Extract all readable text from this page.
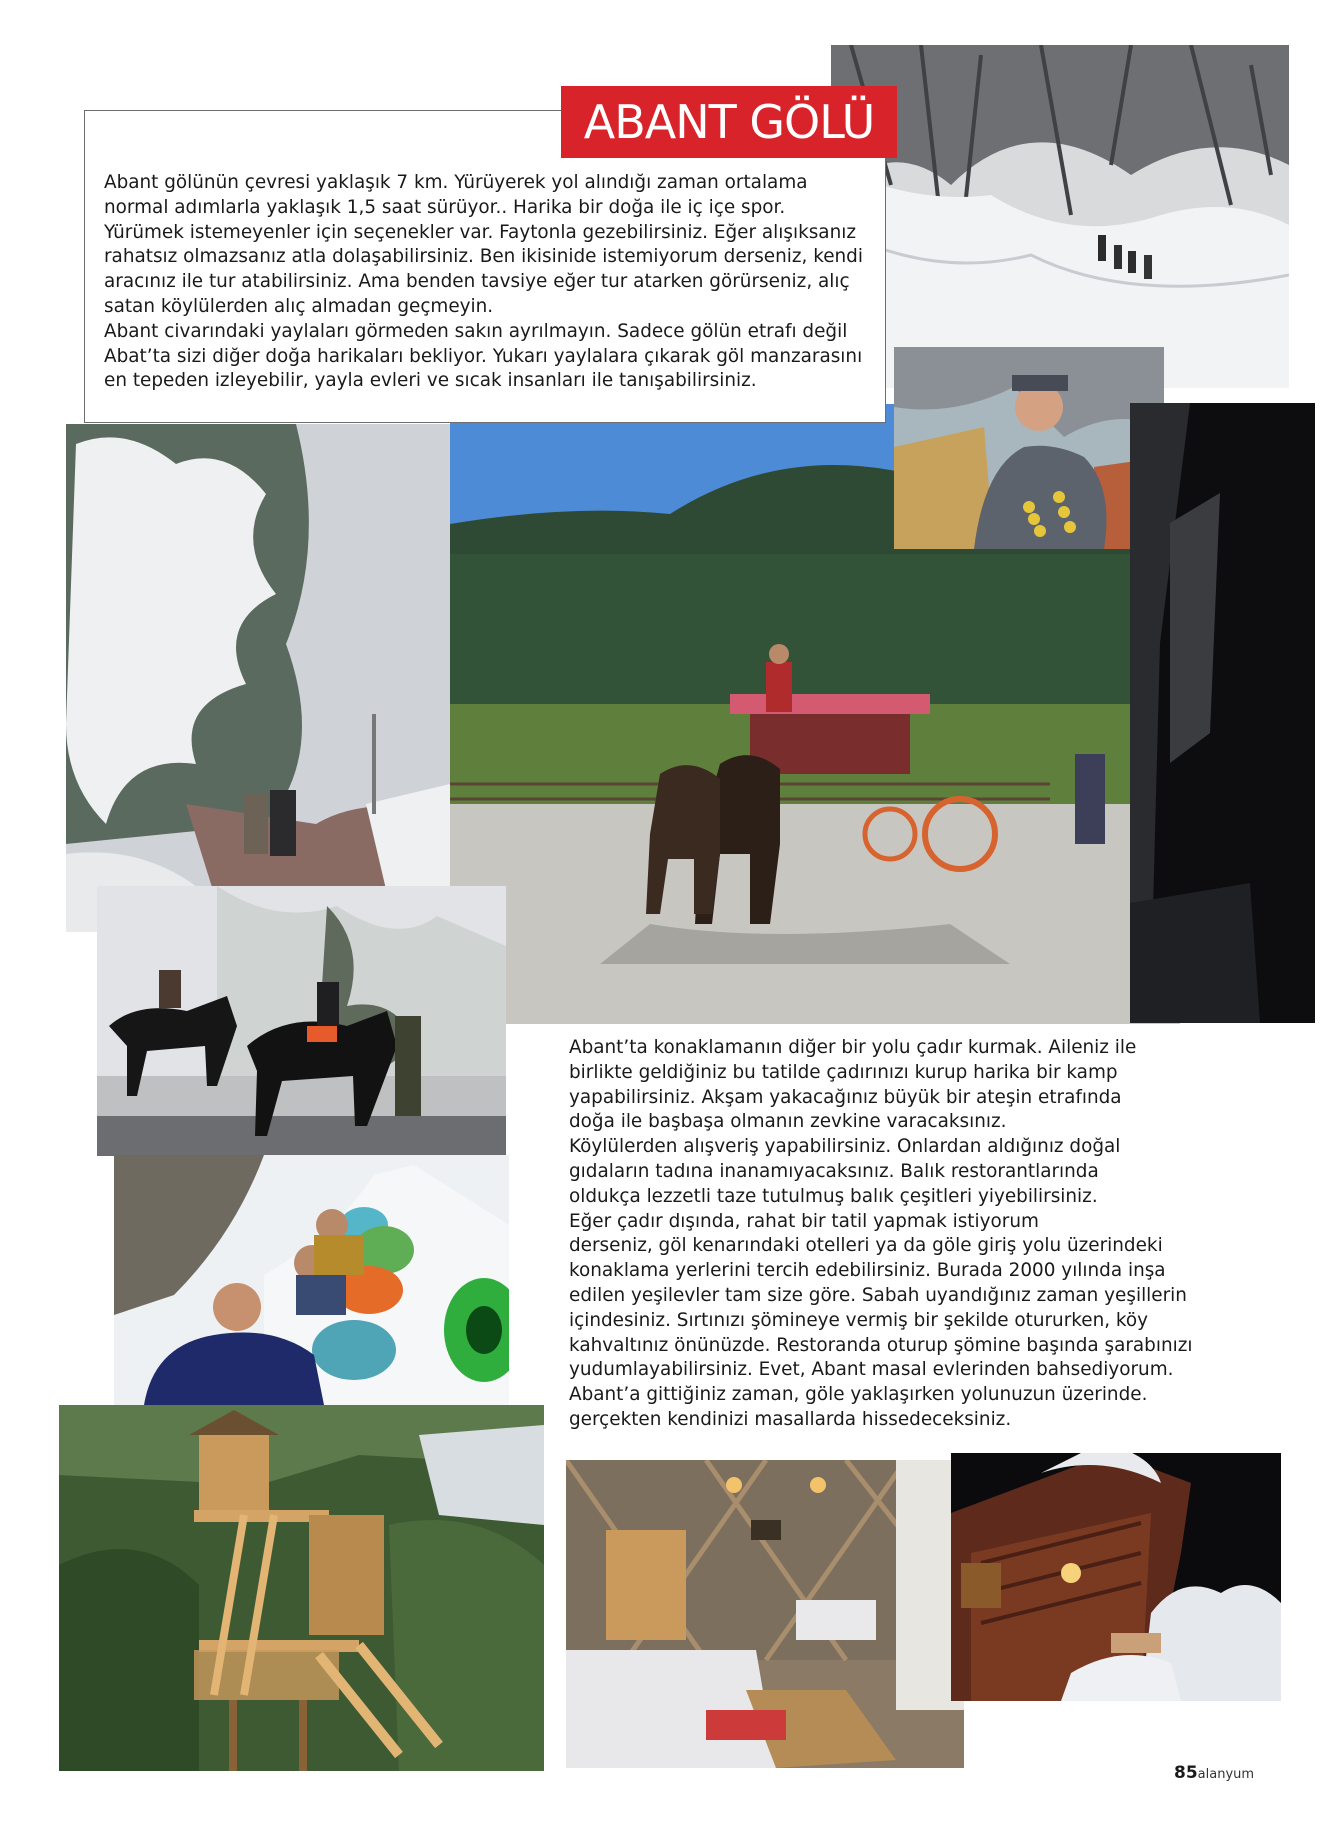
ABANT GÖLÜ

Abant gölünün çevresi yaklaşık 7 km. Yürüyerek yol alındığı zaman ortalama
normal adımlarla yaklaşık 1,5 saat sürüyor.. Harika bir doğa ile iç içe spor.
Yürümek istemeyenler için seçenekler var. Faytonla gezebilirsiniz. Eğer alışıksanız
rahatsız olmazsanız atla dolaşabilirsiniz. Ben ikisinide istemiyorum derseniz, kendi
aracınız ile tur atabilirsiniz. Ama benden tavsiye eğer tur atarken görürseniz, alıç
satan köylülerden alıç almadan geçmeyin.

Abant civarındaki yaylaları görmeden sakın ayrılmayın. Sadece gölün etrafı değil
Abat’ta sizi diğer doğa harikaları bekliyor. Yukarı yaylalara çıkarak göl manzarasını
en tepeden izleyebilir, yayla evleri ve sıcak insanları ile tanışabilirsiniz.

Abant’ta konaklamanın diğer bir yolu çadır kurmak. Aileniz ile
birlikte geldiğiniz bu tatilde çadırınızı kurup harika bir kamp
yapabilirsiniz. Akşam yakacağınız büyük bir ateşin etrafında
doğa ile başbaşa olmanın zevkine varacaksınız.

Köylülerden alışveriş yapabilirsiniz. Onlardan aldığınız doğal
gıdaların tadına inanamıyacaksınız. Balık restorantlarında
oldukça lezzetli taze tutulmuş balık çeşitleri yiyebilirsiniz.

Eğer çadır dışında, rahat bir tatil yapmak istiyorum
derseniz, göl kenarındaki otelleri ya da göle giriş yolu üzerindeki
konaklama yerlerini tercih edebilirsiniz. Burada 2000 yılında inşa
edilen yeşilevler tam size göre. Sabah uyandığınız zaman yeşillerin
içindesiniz. Sırtınızı şömineye vermiş bir şekilde otururken, köy
kahvaltınız önünüzde. Restoranda oturup şömine başında şarabınızı
yudumlayabilirsiniz. Evet, Abant masal evlerinden bahsediyorum.
Abant’a gittiğiniz zaman, göle yaklaşırken yolunuzun üzerinde.
gerçekten kendinizi masallarda hissedeceksiniz.

85alanyum
